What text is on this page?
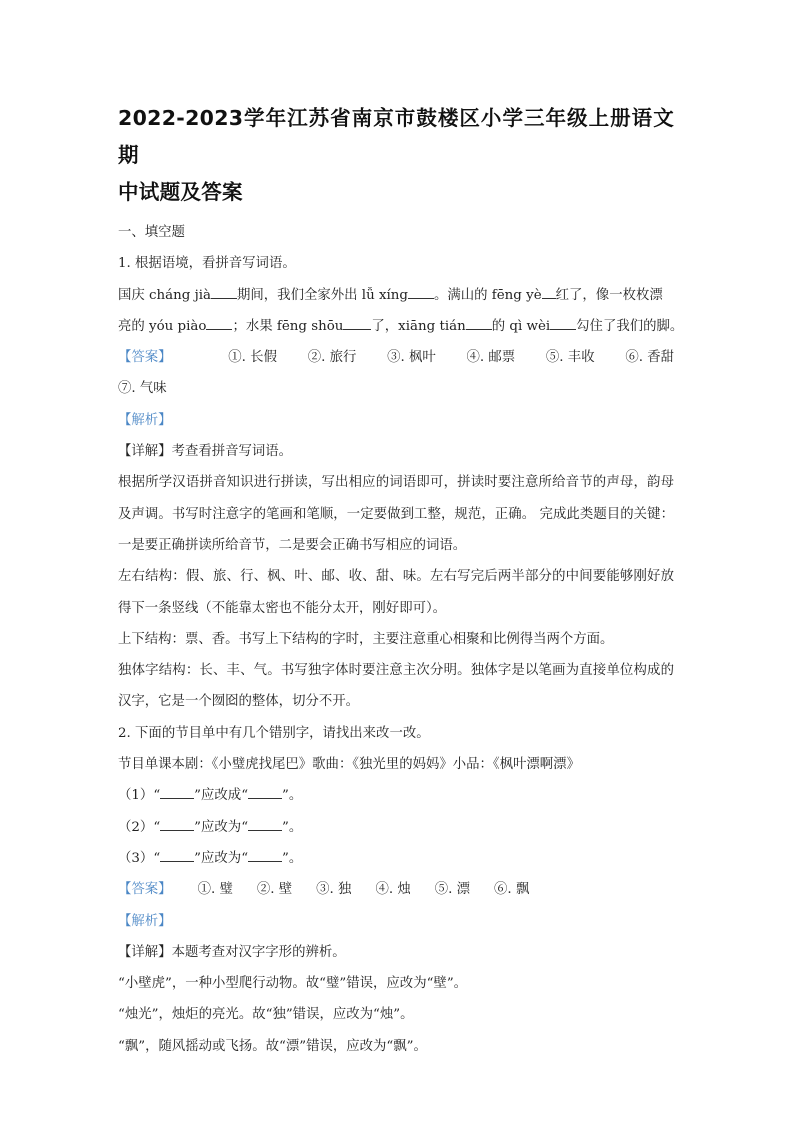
2022-2023学年江苏省南京市鼓楼区小学三年级上册语文期
中试题及答案

一、填空题

1. 根据语境，看拼音写词语。

国庆 cháng jià 期间，我们全家外出 lǚ xíng 。满山的 fēng yè 红了，像一枚枚漂

亮的 yóu piào ；水果 fēng shōu 了，xiāng tián 的 qì wèi 勾住了我们的脚。

【答案】	①. 长假 ②. 旅行 ③. 枫叶 ④. 邮票 ⑤. 丰收 ⑥. 香甜

⑦. 气味

【解析】

【详解】考查看拼音写词语。

根据所学汉语拼音知识进行拼读，写出相应的词语即可，拼读时要注意所给音节的声母，韵母及声调。书写时注意字的笔画和笔顺，一定要做到工整，规范，正确。 完成此类题目的关键：一是要正确拼读所给音节，二是要会正确书写相应的词语。

左右结构：假、旅、行、枫、叶、邮、收、甜、味。左右写完后两半部分的中间要能够刚好放得下一条竖线（不能靠太密也不能分太开，刚好即可）。

上下结构：票、香。书写上下结构的字时，主要注意重心相聚和比例得当两个方面。

独体字结构：长、丰、气。书写独字体时要注意主次分明。独体字是以笔画为直接单位构成的汉字，它是一个囫囵的整体，切分不开。

2. 下面的节目单中有几个错别字，请找出来改一改。

节目单课本剧：《小璧虎找尾巴》歌曲：《独光里的妈妈》小品：《枫叶漂啊漂》

（1）“	”应改成“	”。

（2）“	”应改为“	”。

（3）“	”应改为“	”。

【答案】 ①. 璧 ②. 壁 ③. 独 ④. 烛 ⑤. 漂 ⑥. 飘

【解析】

【详解】本题考查对汉字字形的辨析。

“小壁虎”，一种小型爬行动物。故“璧”错误，应改为“壁”。

“烛光”，烛炬的亮光。故“独”错误，应改为“烛”。

“飘”，随风摇动或飞扬。故“漂”错误，应改为“飘”。
